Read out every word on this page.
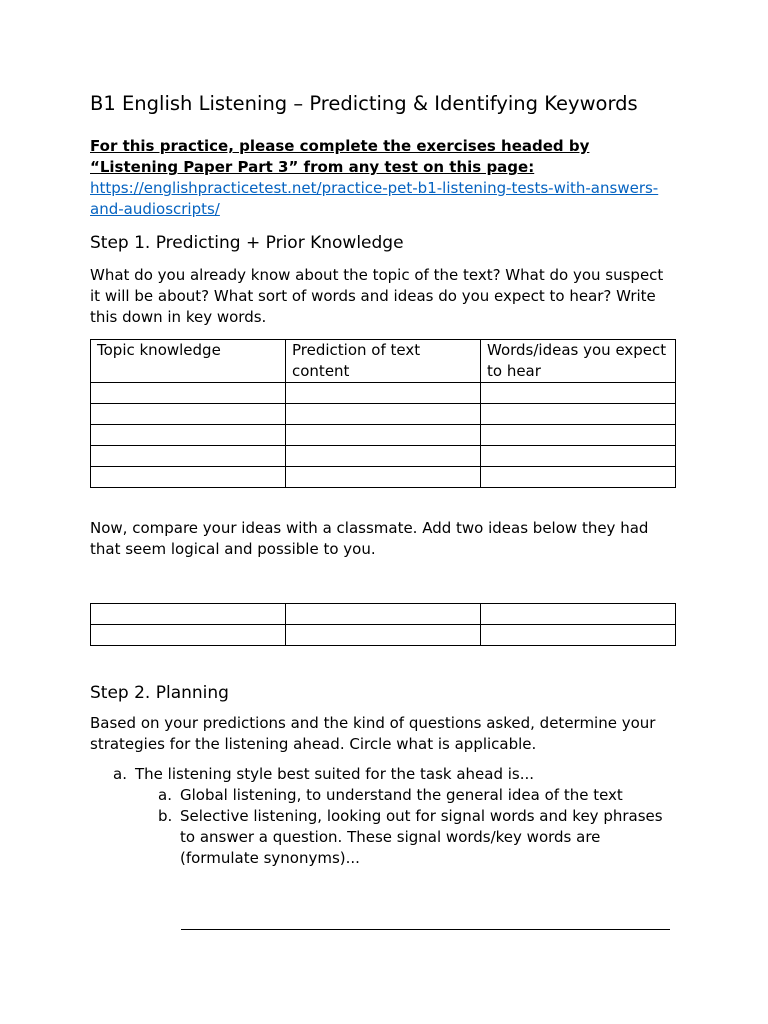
B1 English Listening – Predicting & Identifying Keywords

For this practice, please complete the exercises headed by

“Listening Paper Part 3” from any test on this page:

https://englishpracticetest.net/practice-pet-b1-listening-tests-with-answers-
and-audioscripts/
Step 1. Predicting + Prior Knowledge

What do you already know about the topic of the text? What do you suspect it will be about? What sort of words and ideas do you expect to hear? Write this down in key words.

Topic knowledge	Prediction of text content	Words/ideas you expect to hear

Now, compare your ideas with a classmate. Add two ideas below they had that seem logical and possible to you.

Step 2. Planning

Based on your predictions and the kind of questions asked, determine your strategies for the listening ahead. Circle what is applicable.

a. The listening style best suited for the task ahead is...
a. Global listening, to understand the general idea of the text
b. Selective listening, looking out for signal words and key phrases to answer a question. These signal words/key words are (formulate synonyms)...
